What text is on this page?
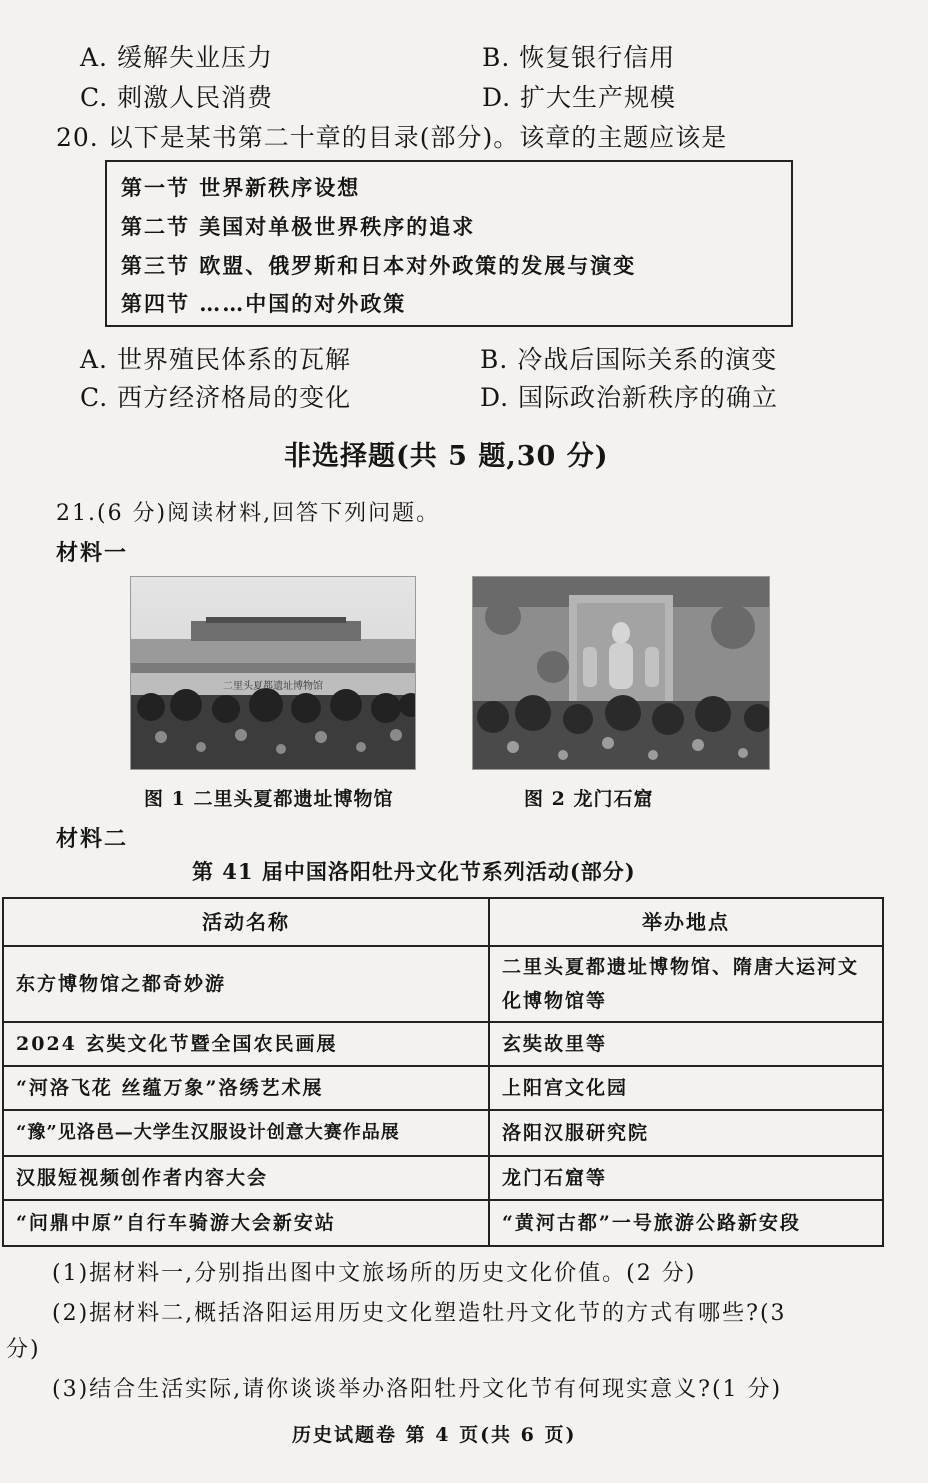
A. 缓解失业压力	B. 恢复银行信用
C. 刺激人民消费	D. 扩大生产规模
20. 以下是某书第二十章的目录(部分)。该章的主题应该是
第一节 世界新秩序设想
第二节 美国对单极世界秩序的追求
第三节 欧盟、俄罗斯和日本对外政策的发展与演变
第四节 ……中国的对外政策
A. 世界殖民体系的瓦解	B. 冷战后国际关系的演变
C. 西方经济格局的变化	D. 国际政治新秩序的确立
非选择题(共 5 题,30 分)
21.(6 分)阅读材料,回答下列问题。
材料一
二里头夏都遗址博物馆
图 1 二里头夏都遗址博物馆	图 2 龙门石窟
材料二
第 41 届中国洛阳牡丹文化节系列活动(部分)
活动名称	举办地点
东方博物馆之都奇妙游	二里头夏都遗址博物馆、隋唐大运河文化博物馆等
2024 玄奘文化节暨全国农民画展	玄奘故里等
“河洛飞花 丝蕴万象”洛绣艺术展	上阳宫文化园
“豫”见洛邑—大学生汉服设计创意大赛作品展	洛阳汉服研究院
汉服短视频创作者内容大会	龙门石窟等
“问鼎中原”自行车骑游大会新安站	“黄河古都”一号旅游公路新安段
(1)据材料一,分别指出图中文旅场所的历史文化价值。(2 分)
(2)据材料二,概括洛阳运用历史文化塑造牡丹文化节的方式有哪些?(3
分)
(3)结合生活实际,请你谈谈举办洛阳牡丹文化节有何现实意义?(1 分)
历史试题卷 第 4 页(共 6 页)
